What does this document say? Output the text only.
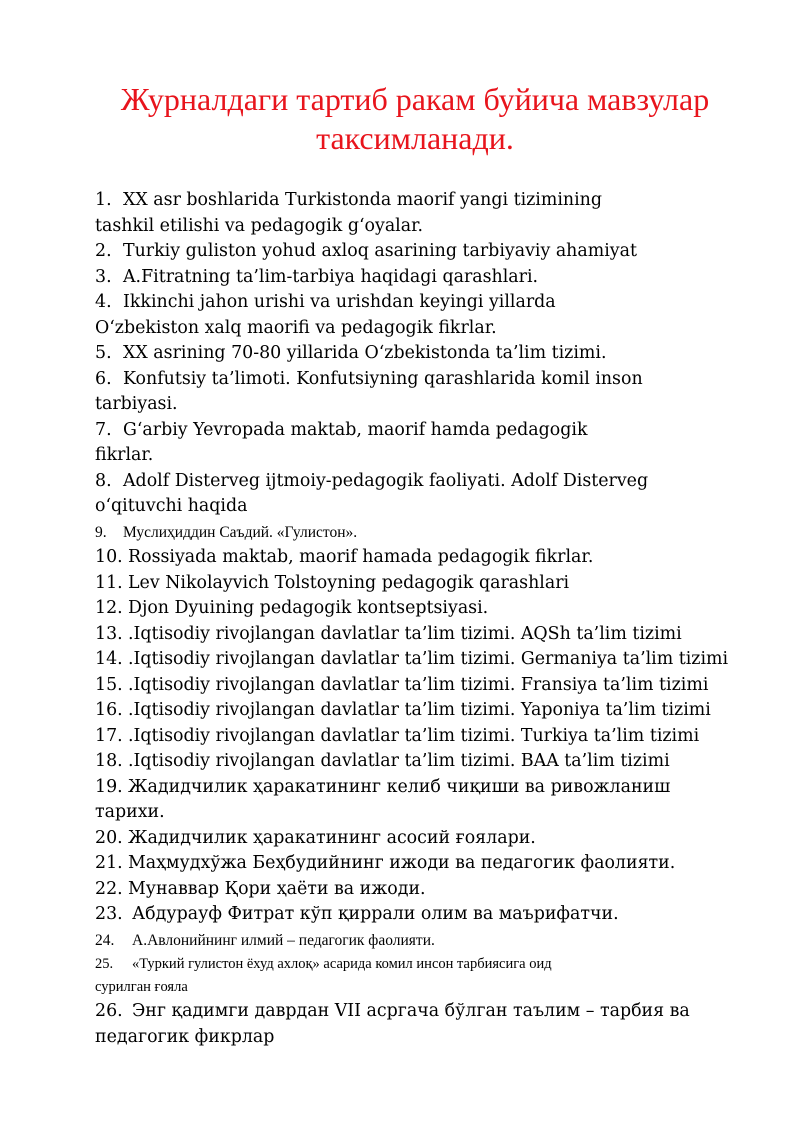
Журналдаги тартиб ракам буйича мавзулар
таксимланади.
1. XX asr boshlarida Turkistonda maorif yangi tizimining
tashkil etilishi va pedagogik g‘oyalar.
2. Turkiy guliston yohud axloq asarining tarbiyaviy ahamiyat
3. A.Fitratning ta’lim-tarbiya haqidagi qarashlari.
4. Ikkinchi jahon urishi va urishdan keyingi yillarda
O‘zbekiston xalq maorifi va pedagogik fikrlar.
5. XX asrining 70-80 yillarida O‘zbekistonda ta’lim tizimi.
6. Konfutsiy ta’limoti. Konfutsiyning qarashlarida komil inson
tarbiyasi.
7. G‘arbiy Yevropada maktab, maorif hamda pedagogik
fikrlar.
8. Adolf Disterveg ijtmoiy-pedagogik faoliyati. Adolf Disterveg
o‘qituvchi haqida
9. Муслиҳиддин Саъдий. «Гулистон».
10. Rossiyada maktab, maorif hamada pedagogik fikrlar.
11. Lev Nikolayvich Tolstoyning pedagogik qarashlari
12. Djon Dyuining pedagogik kontseptsiyasi.
13. .Iqtisodiy rivojlangan davlatlar ta’lim tizimi. AQSh ta’lim tizimi
14. .Iqtisodiy rivojlangan davlatlar ta’lim tizimi. Germaniya ta’lim tizimi
15. .Iqtisodiy rivojlangan davlatlar ta’lim tizimi. Fransiya ta’lim tizimi
16. .Iqtisodiy rivojlangan davlatlar ta’lim tizimi. Yaponiya ta’lim tizimi
17. .Iqtisodiy rivojlangan davlatlar ta’lim tizimi. Turkiya ta’lim tizimi
18. .Iqtisodiy rivojlangan davlatlar ta’lim tizimi. BAA ta’lim tizimi
19. Жадидчилик ҳаракатининг келиб чиқиши ва ривожланиш
тарихи.
20. Жадидчилик ҳаракатининг асосий ғоялари.
21. Маҳмудхўжа Беҳбудийнинг ижоди ва педагогик фаолияти.
22. Мунаввар Қори ҳаёти ва ижоди.
23. Абдурауф Фитрат кўп қиррали олим ва маърифатчи.
24. А.Авлонийнинг илмий – педагогик фаолияти.
25. «Туркий гулистон ёхуд ахлоқ» асарида комил инсон тарбиясига оид
сурилган ғояла
26. Энг қадимги даврдан VII асргача бўлган таълим – тарбия ва
педагогик фикрлар
